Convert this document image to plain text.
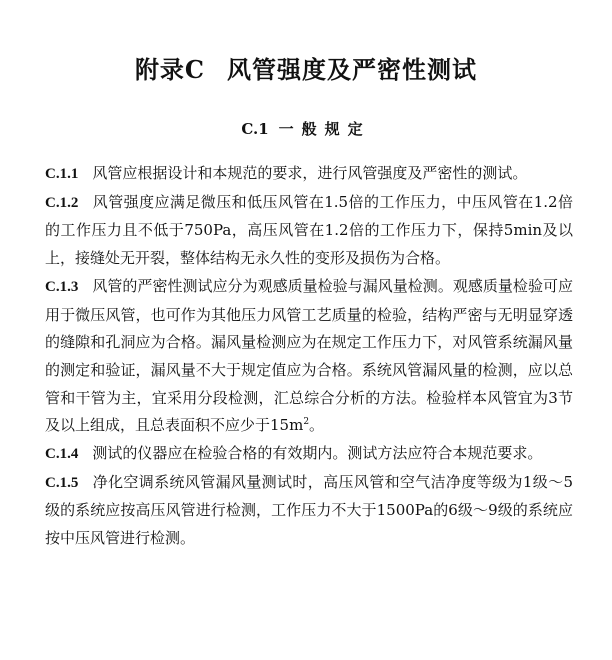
附录C 风管强度及严密性测试
C.1 一般规定

C.1.1 风管应根据设计和本规范的要求，进行风管强度及严密性的测试。

C.1.2 风管强度应满足微压和低压风管在1.5倍的工作压力，中压风管在1.2倍的工作压力且不低于750Pa，高压风管在1.2倍的工作压力下，保持5min及以上，接缝处无开裂，整体结构无永久性的变形及损伤为合格。

C.1.3 风管的严密性测试应分为观感质量检验与漏风量检测。观感质量检验可应用于微压风管，也可作为其他压力风管工艺质量的检验，结构严密与无明显穿透的缝隙和孔洞应为合格。漏风量检测应为在规定工作压力下，对风管系统漏风量的测定和验证，漏风量不大于规定值应为合格。系统风管漏风量的检测，应以总管和干管为主，宜采用分段检测，汇总综合分析的方法。检验样本风管宜为3节及以上组成，且总表面积不应少于$15m^2$。

C.1.4 测试的仪器应在检验合格的有效期内。测试方法应符合本规范要求。

C.1.5 净化空调系统风管漏风量测试时，高压风管和空气洁净度等级为1级～5级的系统应按高压风管进行检测，工作压力不大于1500Pa的6级～9级的系统应按中压风管进行检测。
